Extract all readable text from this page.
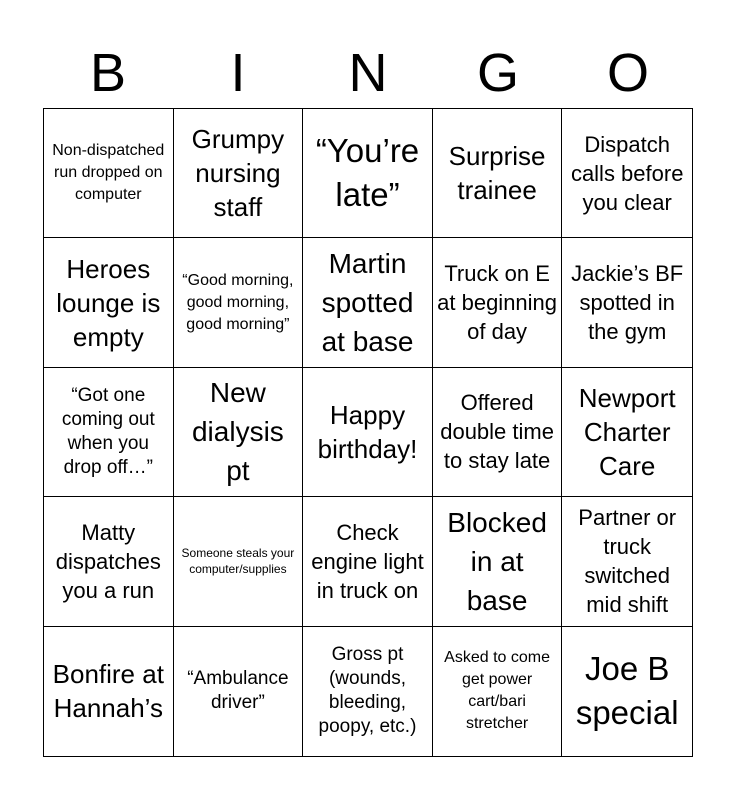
B	I	N	G	O
Non-dispatched run dropped on computer
Grumpy nursing staff
“You’re late”
Surprise trainee
Dispatch calls before you clear
Heroes lounge is empty
“Good morning, good morning, good morning”
Martin spotted at base
Truck on E at beginning of day
Jackie’s BF spotted in the gym
“Got one coming out when you drop off…”
New dialysis pt
Happy birthday!
Offered double time to stay late
Newport Charter Care
Matty dispatches you a run
Someone steals your computer/supplies
Check engine light in truck on
Blocked in at base
Partner or truck switched mid shift
Bonfire at Hannah’s
“Ambulance driver”
Gross pt (wounds, bleeding, poopy, etc.)
Asked to come get power cart/bari stretcher
Joe B special
